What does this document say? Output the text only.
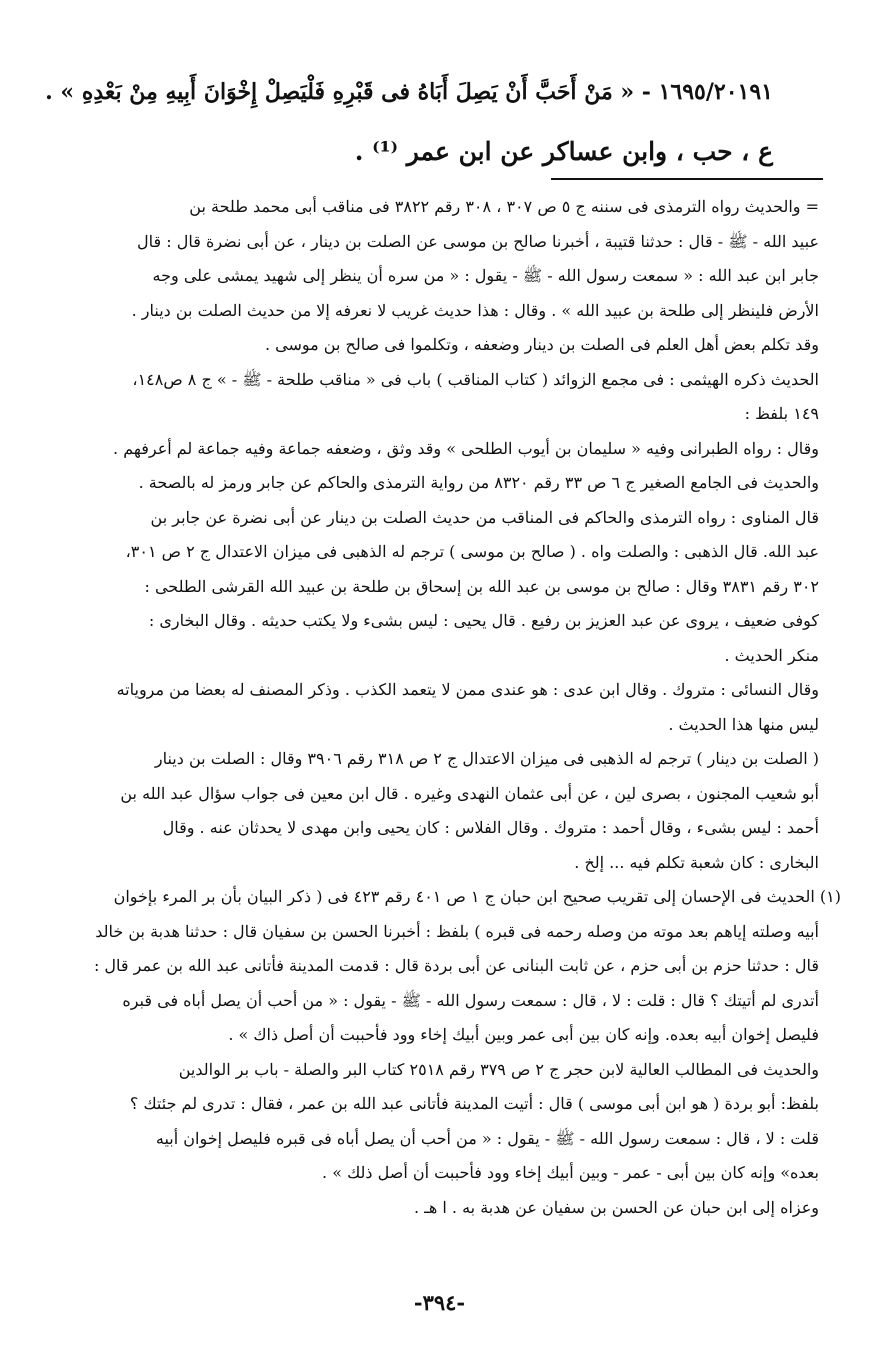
١٦٩٥/٢٠١٩١ - « مَنْ أَحَبَّ أَنْ يَصِلَ أَبَاهُ فى قَبْرِهِ فَلْيَصِلْ إِخْوَانَ أَبِيهِ مِنْ بَعْدِهِ » .

ع ، حب ، وابن عساكر عن ابن عمر ⁽¹⁾ .

= والحديث رواه الترمذى فى سننه ج ٥ ص ٣٠٧ ، ٣٠٨ رقم ٣٨٢٢ فى مناقب أبى محمد طلحة بن

عبيد الله - ﷺ - قال : حدثنا قتيبة ، أخبرنا صالح بن موسى عن الصلت بن دينار ، عن أبى نضرة قال : قال

جابر ابن عبد الله : « سمعت رسول الله - ﷺ - يقول : « من سره أن ينظر إلى شهيد يمشى على وجه

الأرض فلينظر إلى طلحة بن عبيد الله » . وقال : هذا حديث غريب لا نعرفه إلا من حديث الصلت بن دينار .

وقد تكلم بعض أهل العلم فى الصلت بن دينار وضعفه ، وتكلموا فى صالح بن موسى .

الحديث ذكره الهيثمى : فى مجمع الزوائد ( كتاب المناقب ) باب فى « مناقب طلحة - ﷺ - » ج ٨ ص١٤٨،

١٤٩ بلفظ :

وقال : رواه الطبرانى وفيه « سليمان بن أيوب الطلحى » وقد وثق ، وضعفه جماعة وفيه جماعة لم أعرفهم .

والحديث فى الجامع الصغير ج ٦ ص ٣٣ رقم ٨٣٢٠ من رواية الترمذى والحاكم عن جابر ورمز له بالصحة .

قال المناوى : رواه الترمذى والحاكم فى المناقب من حديث الصلت بن دينار عن أبى نضرة عن جابر بن

عبد الله. قال الذهبى : والصلت واه . ( صالح بن موسى ) ترجم له الذهبى فى ميزان الاعتدال ج ٢ ص ٣٠١،

٣٠٢ رقم ٣٨٣١ وقال : صالح بن موسى بن عبد الله بن إسحاق بن طلحة بن عبيد الله القرشى الطلحى :

كوفى ضعيف ، يروى عن عبد العزيز بن رفيع . قال يحيى : ليس بشىء ولا يكتب حديثه . وقال البخارى :

منكر الحديث .

وقال النسائى : متروك . وقال ابن عدى : هو عندى ممن لا يتعمد الكذب . وذكر المصنف له بعضا من مروياته

ليس منها هذا الحديث .

( الصلت بن دينار ) ترجم له الذهبى فى ميزان الاعتدال ج ٢ ص ٣١٨ رقم ٣٩٠٦ وقال : الصلت بن دينار

أبو شعيب المجنون ، بصرى لين ، عن أبى عثمان النهدى وغيره . قال ابن معين فى جواب سؤال عبد الله بن

أحمد : ليس بشىء ، وقال أحمد : متروك . وقال الفلاس : كان يحيى وابن مهدى لا يحدثان عنه . وقال

البخارى : كان شعبة تكلم فيه ... إلخ .

(١) الحديث فى الإحسان إلى تقريب صحيح ابن حبان ج ١ ص ٤٠١ رقم ٤٢٣ فى ( ذكر البيان بأن بر المرء بإخوان

أبيه وصلته إياهم بعد موته من وصله رحمه فى قبره ) بلفظ : أخبرنا الحسن بن سفيان قال : حدثنا هدبة بن خالد

قال : حدثنا حزم بن أبى حزم ، عن ثابت البنانى عن أبى بردة قال : قدمت المدينة فأتانى عبد الله بن عمر قال :

أتدرى لم أتيتك ؟ قال : قلت : لا ، قال : سمعت رسول الله - ﷺ - يقول : « من أحب أن يصل أباه فى قبره

فليصل إخوان أبيه بعده. وإنه كان بين أبى عمر وبين أبيك إخاء وود فأحببت أن أصل ذاك » .

والحديث فى المطالب العالية لابن حجر ج ٢ ص ٣٧٩ رقم ٢٥١٨ كتاب البر والصلة - باب بر الوالدين

بلفظ: أبو بردة ( هو ابن أبى موسى ) قال : أتيت المدينة فأتانى عبد الله بن عمر ، فقال : تدرى لم جئتك ؟

قلت : لا ، قال : سمعت رسول الله - ﷺ - يقول : « من أحب أن يصل أباه فى قبره فليصل إخوان أبيه

بعده» وإنه كان بين أبى - عمر - وبين أبيك إخاء وود فأحببت أن أصل ذلك » .

وعزاه إلى ابن حبان عن الحسن بن سفيان عن هدبة به . ا هـ .

-٣٩٤-
